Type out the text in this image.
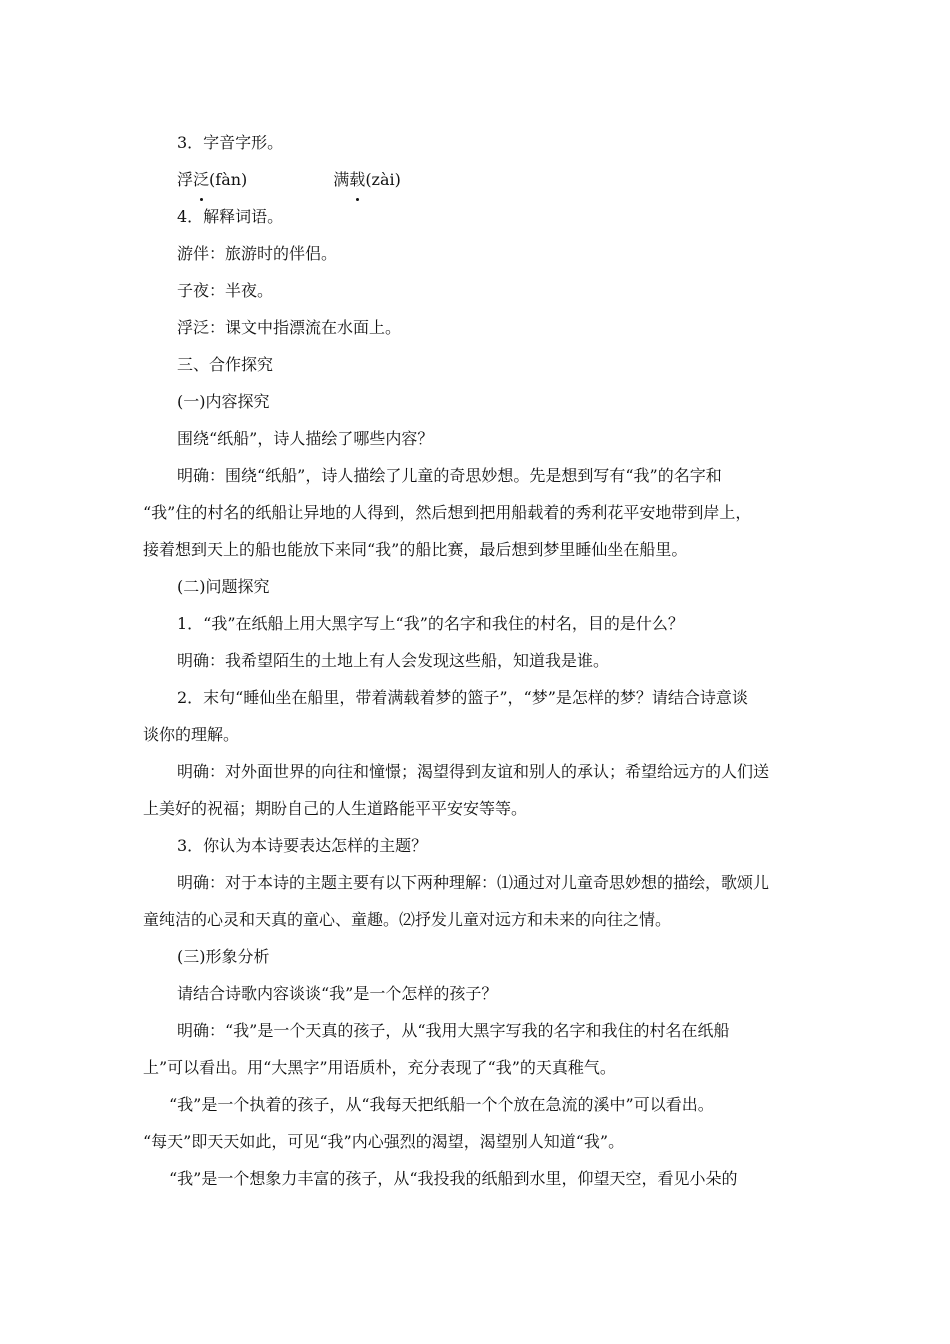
3．字音字形。

浮泛(fàn)	满载(zài)

4．解释词语。

游伴：旅游时的伴侣。

子夜：半夜。

浮泛：课文中指漂流在水面上。

三、合作探究

(一)内容探究

围绕“纸船”，诗人描绘了哪些内容？

明确：围绕“纸船”，诗人描绘了儿童的奇思妙想。先是想到写有“我”的名字和

“我”住的村名的纸船让异地的人得到，然后想到把用船载着的秀利花平安地带到岸上，

接着想到天上的船也能放下来同“我”的船比赛，最后想到梦里睡仙坐在船里。

(二)问题探究

1．“我”在纸船上用大黑字写上“我”的名字和我住的村名，目的是什么？

明确：我希望陌生的土地上有人会发现这些船，知道我是谁。

2．末句“睡仙坐在船里，带着满载着梦的篮子”，“梦”是怎样的梦？请结合诗意谈

谈你的理解。

明确：对外面世界的向往和憧憬；渴望得到友谊和别人的承认；希望给远方的人们送

上美好的祝福；期盼自己的人生道路能平平安安等等。

3．你认为本诗要表达怎样的主题？

明确：对于本诗的主题主要有以下两种理解：⑴通过对儿童奇思妙想的描绘，歌颂儿

童纯洁的心灵和天真的童心、童趣。⑵抒发儿童对远方和未来的向往之情。

(三)形象分析

请结合诗歌内容谈谈“我”是一个怎样的孩子？

明确：“我”是一个天真的孩子，从“我用大黑字写我的名字和我住的村名在纸船

上”可以看出。用“大黑字”用语质朴，充分表现了“我”的天真稚气。

“我”是一个执着的孩子，从“我每天把纸船一个个放在急流的溪中”可以看出。

“每天”即天天如此，可见“我”内心强烈的渴望，渴望别人知道“我”。

“我”是一个想象力丰富的孩子，从“我投我的纸船到水里，仰望天空，看见小朵的
